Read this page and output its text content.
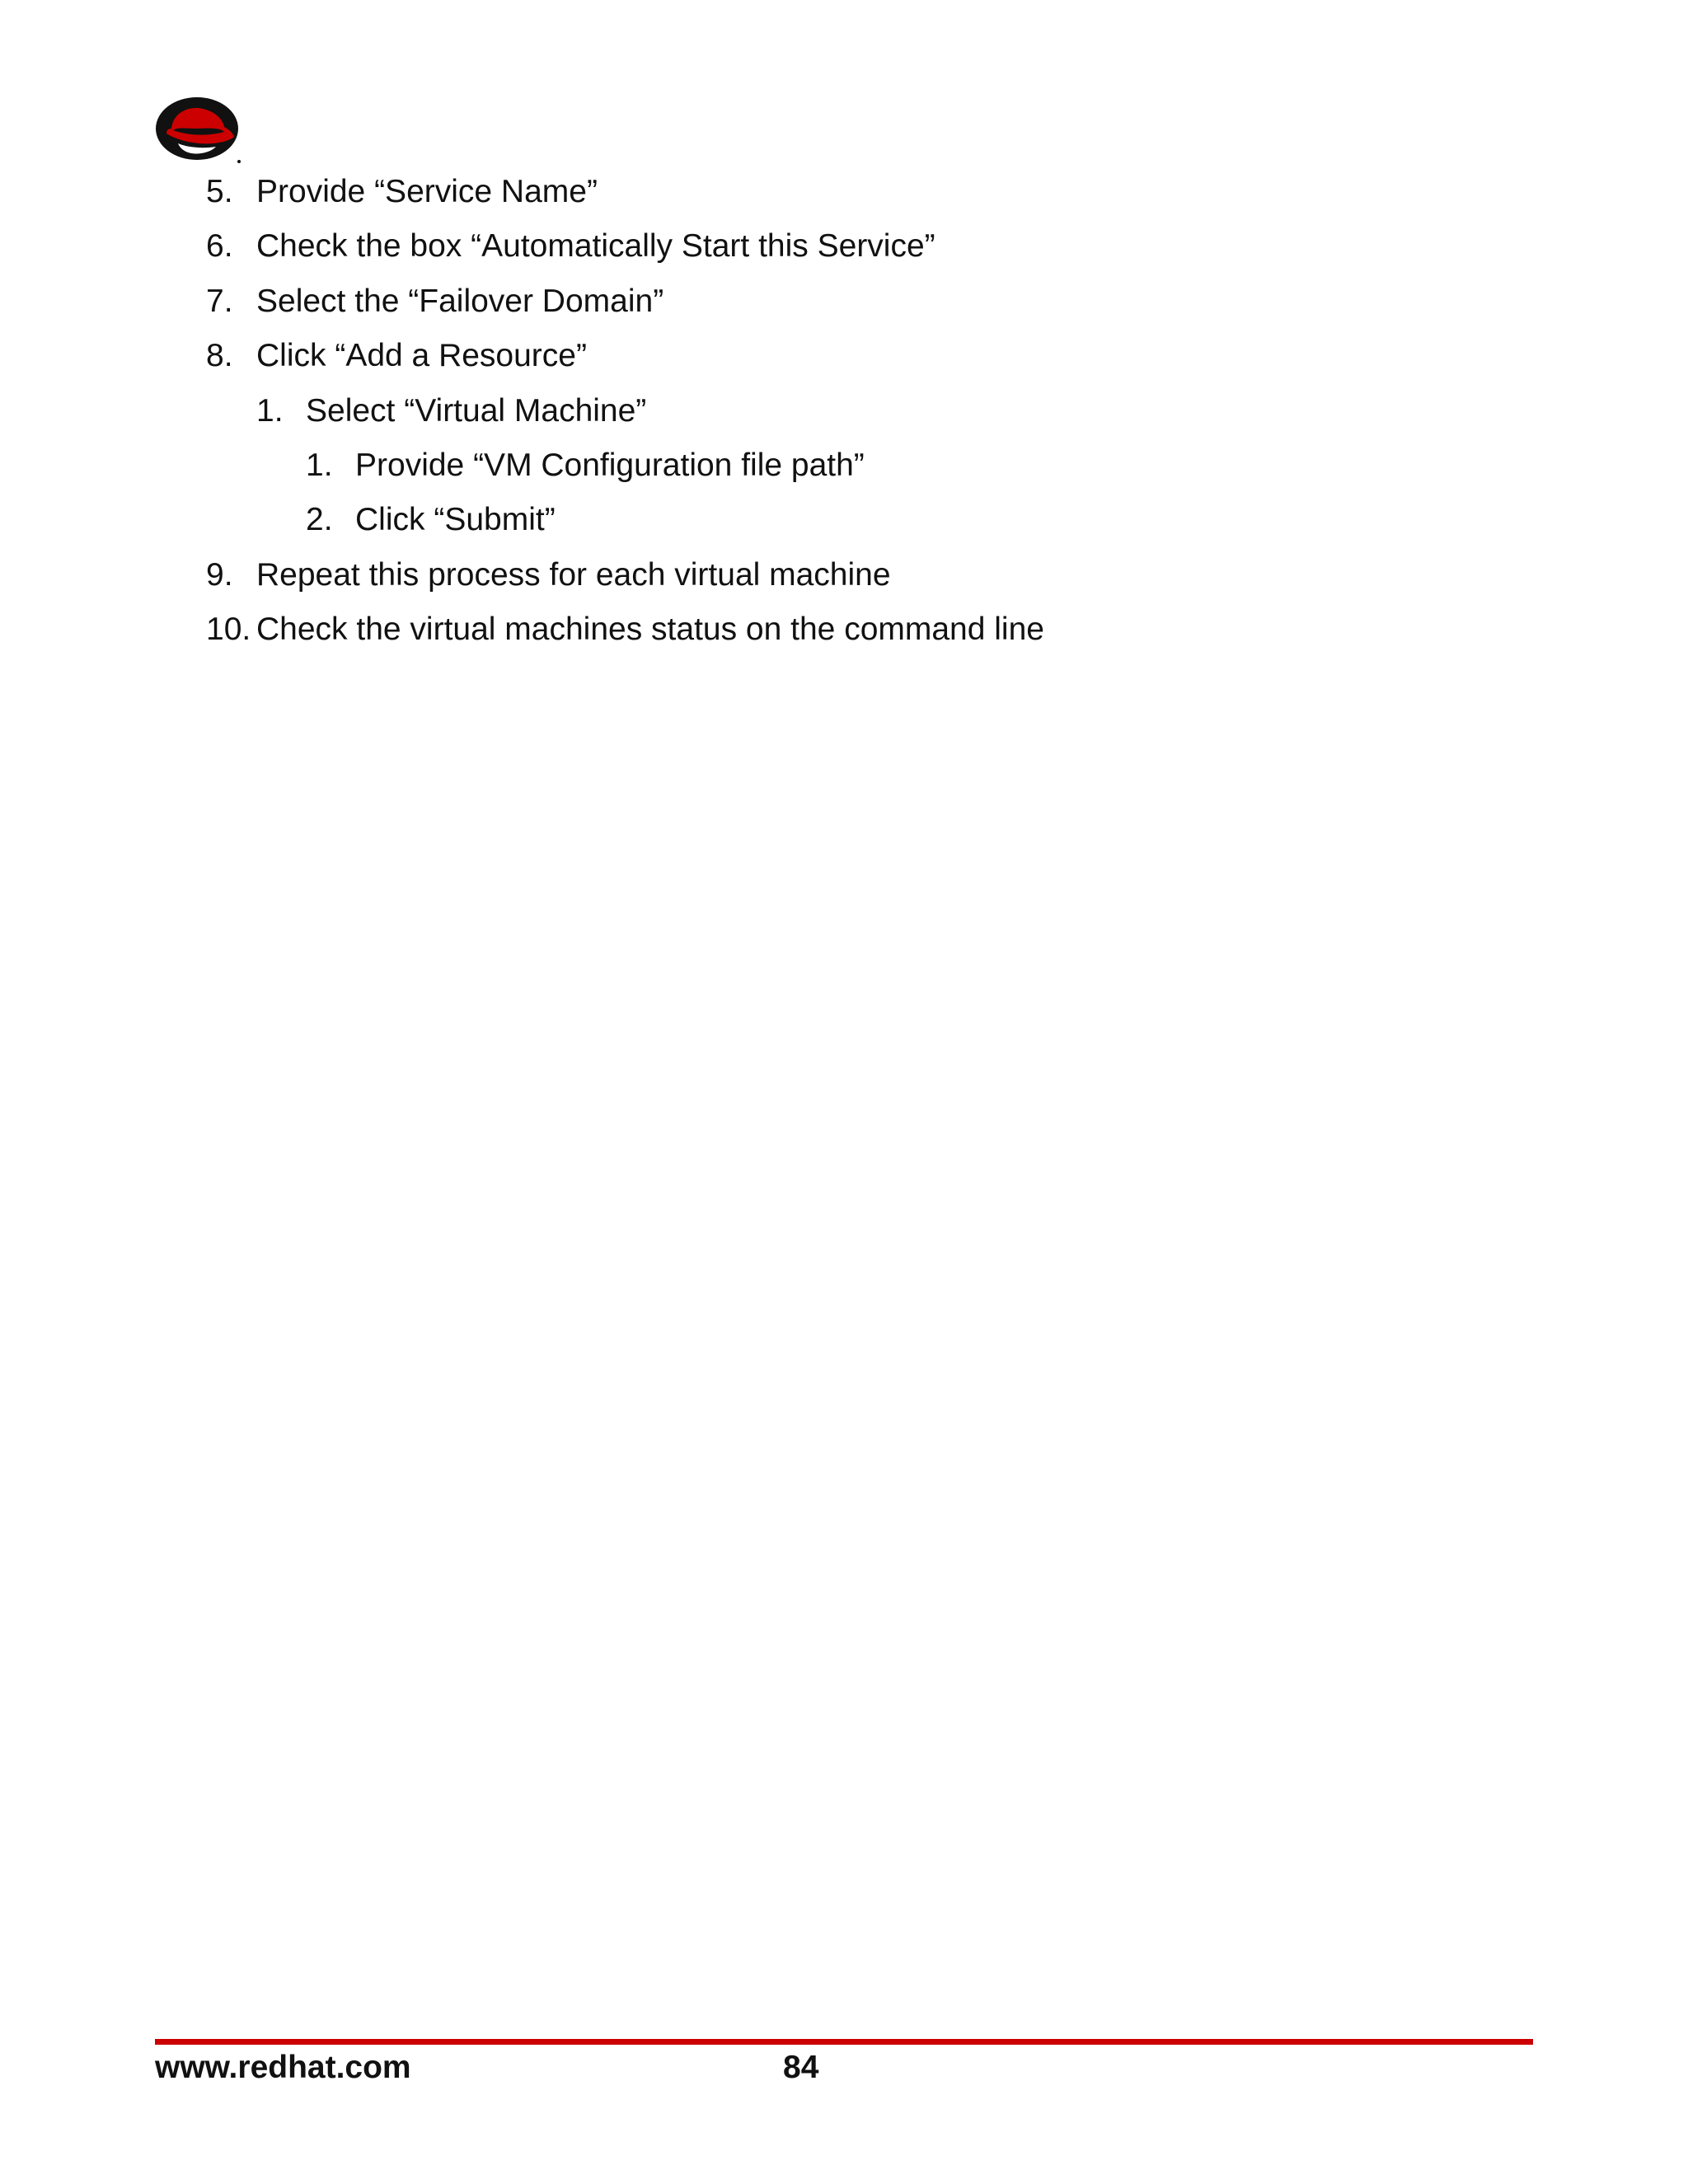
5. Provide “Service Name”
6. Check the box “Automatically Start this Service”
7. Select the “Failover Domain”
8. Click “Add a Resource”
1. Select “Virtual Machine”
1. Provide “VM Configuration file path”
2. Click “Submit”
9. Repeat this process for each virtual machine
10. Check the virtual machines status on the command line
www.redhat.com	84
